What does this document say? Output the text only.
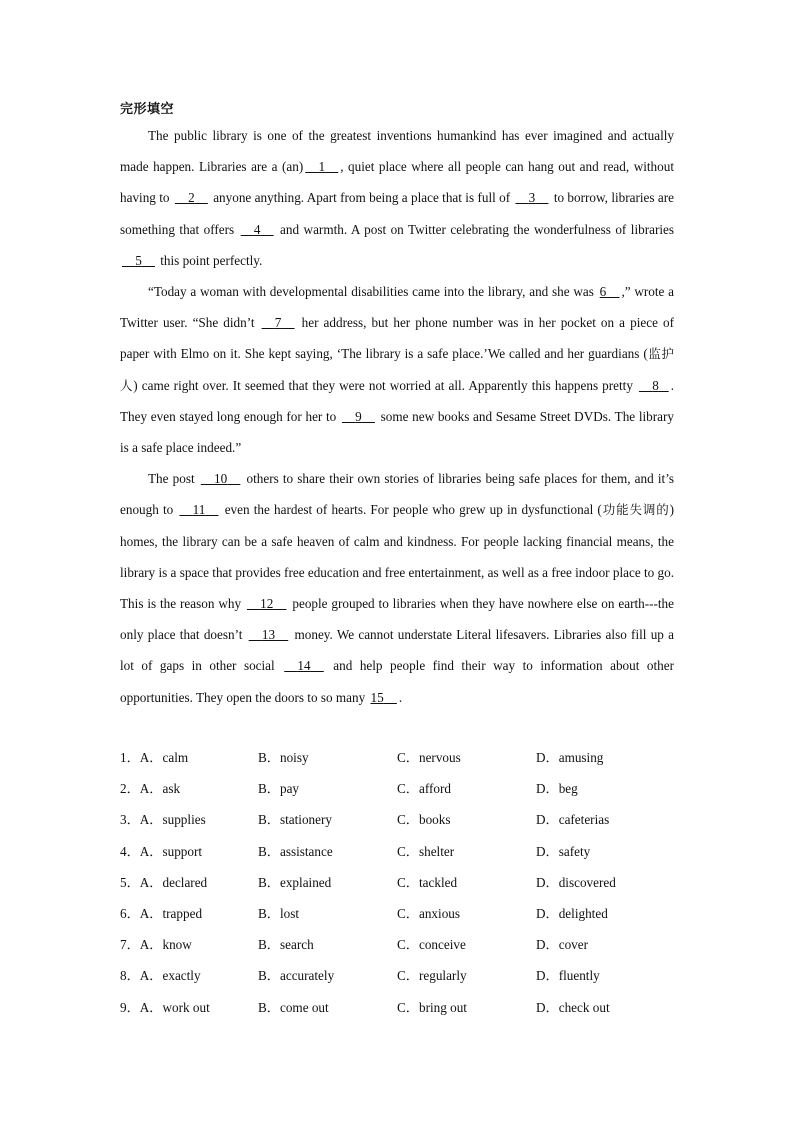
完形填空

The public library is one of the greatest inventions humankind has ever imagined and actually made happen. Libraries are a (an) 1 , quiet place where all people can hang out and read, without having to     2     anyone anything. Apart from being a place that is full of     3     to borrow, libraries are something that offers     4     and warmth. A post on Twitter celebrating the wonderfulness of libraries     5     this point perfectly.

“Today a woman with developmental disabilities came into the library, and she was 6 ,” wrote a Twitter user. “She didn’t     7     her address, but her phone number was in her pocket on a piece of paper with Elmo on it. She kept saying, ‘The library is a safe place.’We called and her guardians (监护人) came right over. It seemed that they were not worried at all. Apparently this happens pretty     8 . They even stayed long enough for her to     9     some new books and Sesame Street DVDs. The library is a safe place indeed.”

The post     10     others to share their own stories of libraries being safe places for them, and it’s enough to     11     even the hardest of hearts. For people who grew up in dysfunctional (功能失调的) homes, the library can be a safe heaven of calm and kindness. For people lacking financial means, the library is a space that provides free education and free entertainment, as well as a free indoor place to go. This is the reason why     12     people grouped to libraries when they have nowhere else on earth---the only place that doesn’t     13     money. We cannot understate Literal lifesavers. Libraries also fill up a lot of gaps in other social     14     and help people find their way to information about other opportunities. They open the doors to so many 15 .

1．A．calm	B．noisy	C．nervous	D．amusing
2．A．ask	B．pay	C．afford	D．beg
3．A．supplies	B．stationery	C．books	D．cafeterias
4．A．support	B．assistance	C．shelter	D．safety
5．A．declared	B．explained	C．tackled	D．discovered
6．A．trapped	B．lost	C．anxious	D．delighted
7．A．know	B．search	C．conceive	D．cover
8．A．exactly	B．accurately	C．regularly	D．fluently
9．A．work out	B．come out	C．bring out	D．check out
